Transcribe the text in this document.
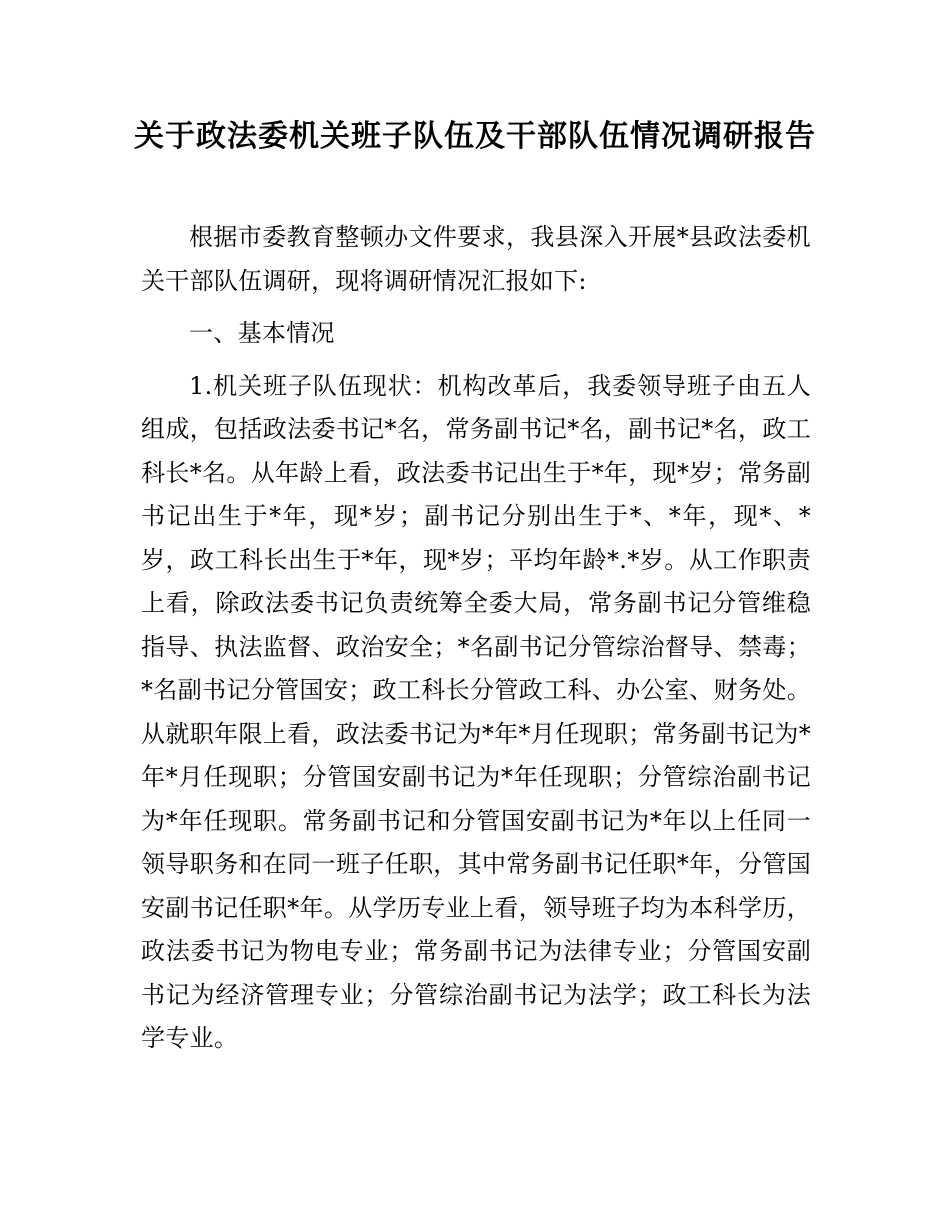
关于政法委机关班子队伍及干部队伍情况调研报告

根据市委教育整顿办文件要求，我县深入开展*县政法委机关干部队伍调研，现将调研情况汇报如下:

一、基本情况

1.机关班子队伍现状：机构改革后，我委领导班子由五人组成，包括政法委书记*名，常务副书记*名，副书记*名，政工科长*名。从年龄上看，政法委书记出生于*年，现*岁；常务副书记出生于*年，现*岁；副书记分别出生于*、*年，现*、*岁，政工科长出生于*年，现*岁；平均年龄*.*岁。从工作职责上看，除政法委书记负责统筹全委大局，常务副书记分管维稳指导、执法监督、政治安全；*名副书记分管综治督导、禁毒；*名副书记分管国安；政工科长分管政工科、办公室、财务处。从就职年限上看，政法委书记为*年*月任现职；常务副书记为*年*月任现职；分管国安副书记为*年任现职；分管综治副书记为*年任现职。常务副书记和分管国安副书记为*年以上任同一领导职务和在同一班子任职，其中常务副书记任职*年，分管国安副书记任职*年。从学历专业上看，领导班子均为本科学历，政法委书记为物电专业；常务副书记为法律专业；分管国安副书记为经济管理专业；分管综治副书记为法学；政工科长为法学专业。
